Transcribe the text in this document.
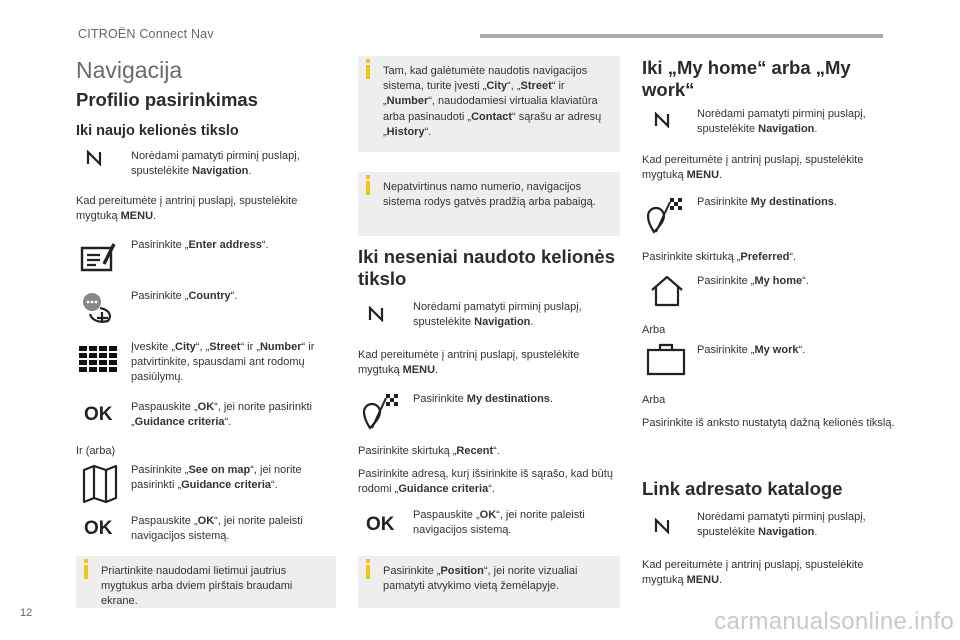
CITROËN Connect Nav
Navigacija
Profilio pasirinkimas
Iki naujo kelionės tikslo

Norėdami pamatyti pirminį puslapį, spustelėkite Navigation.

Kad pereitumėte į antrinį puslapį, spustelėkite mygtuką MENU.

Pasirinkite „Enter address“.

Pasirinkite „Country“.

Įveskite „City“, „Street“ ir „Number“ ir patvirtinkite, spausdami ant rodomų pasiūlymų.

OK Paspauskite „OK“, jei norite pasirinkti „Guidance criteria“.

Ir (arba)

Pasirinkite „See on map“, jei norite pasirinkti „Guidance criteria“.

OK Paspauskite „OK“, jei norite paleisti navigacijos sistemą.

Priartinkite naudodami lietimui jautrius mygtukus arba dviem pirštais braudami ekrane.
Tam, kad galėtumėte naudotis navigacijos sistema, turite įvesti „City“, „Street“ ir „Number“, naudodamiesi virtualia klaviatūra arba pasinaudoti „Contact“ sąrašu ar adresų „History“.
Nepatvirtinus namo numerio, navigacijos sistema rodys gatvės pradžią arba pabaigą.
Iki neseniai naudoto kelionės tikslo

Norėdami pamatyti pirminį puslapį, spustelėkite Navigation.

Kad pereitumėte į antrinį puslapį, spustelėkite mygtuką MENU.

Pasirinkite My destinations.

Pasirinkite skirtuką „Recent“.

Pasirinkite adresą, kurį išsirinkite iš sąrašo, kad būtų rodomi „Guidance criteria“.

OK Paspauskite „OK“, jei norite paleisti navigacijos sistemą.

Pasirinkite „Position“, jei norite vizualiai pamatyti atvykimo vietą žemėlapyje.
Iki „My home“ arba „My work“

Norėdami pamatyti pirminį puslapį, spustelėkite Navigation.

Kad pereitumėte į antrinį puslapį, spustelėkite mygtuką MENU.

Pasirinkite My destinations.

Pasirinkite skirtuką „Preferred“.

Pasirinkite „My home“.

Arba

Pasirinkite „My work“.

Arba

Pasirinkite iš anksto nustatytą dažną kelionės tikslą.

Link adresato kataloge

Norėdami pamatyti pirminį puslapį, spustelėkite Navigation.

Kad pereitumėte į antrinį puslapį, spustelėkite mygtuką MENU.

12	carmanualsonline.info
